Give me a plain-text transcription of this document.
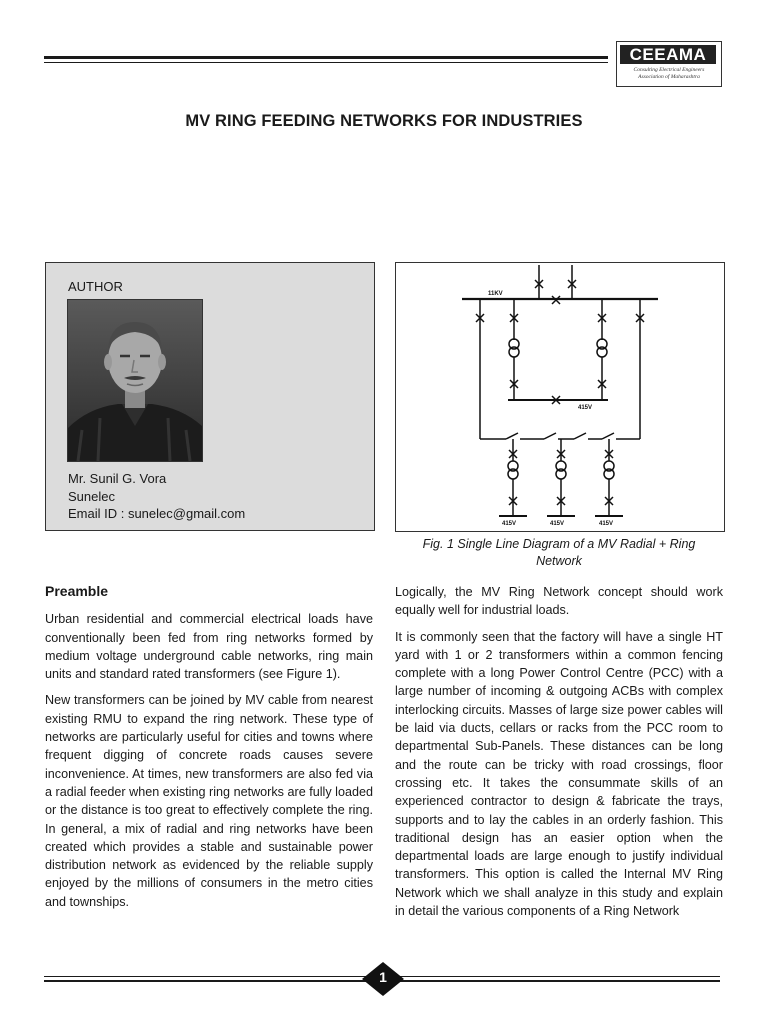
CEEAMA
Consulting Electrical Engineers
Association of Maharashtra
MV RING FEEDING NETWORKS FOR INDUSTRIES
AUTHOR
Mr. Sunil G. Vora
Sunelec
Email ID : sunelec@gmail.com
11KV
415V
415V	415V	415V
Fig. 1 Single Line Diagram of a MV Radial + Ring
Network
Preamble

Urban residential and commercial electrical loads have conventionally been fed from ring networks formed by medium voltage underground cable networks, ring main units and standard rated transformers (see Figure 1).

New transformers can be joined by MV cable from nearest existing RMU to expand the ring network. These type of networks are particularly useful for cities and towns where frequent digging of concrete roads causes severe inconvenience. At times, new transformers are also fed via a radial feeder when existing ring networks are fully loaded or the distance is too great to effectively complete the ring. In general, a mix of radial and ring networks have been created which provides a stable and sustainable power distribution network as evidenced by the reliable supply enjoyed by the millions of consumers in the metro cities and townships.

Logically, the MV Ring Network concept should work equally well for industrial loads.

It is commonly seen that the factory will have a single HT yard with 1 or 2 transformers within a common fencing complete with a long Power Control Centre (PCC) with a large number of incoming & outgoing ACBs with complex interlocking circuits. Masses of large size power cables will be laid via ducts, cellars or racks from the PCC room to departmental Sub-Panels. These distances can be long and the route can be tricky with road crossings, floor crossing etc. It takes the consummate skills of an experienced contractor to design & fabricate the trays, supports and to lay the cables in an orderly fashion. This traditional design has an easier option when the departmental loads are large enough to justify individual transformers. This option is called the Internal MV Ring Network which we shall analyze in this study and explain in detail the various components of a Ring Network

1
